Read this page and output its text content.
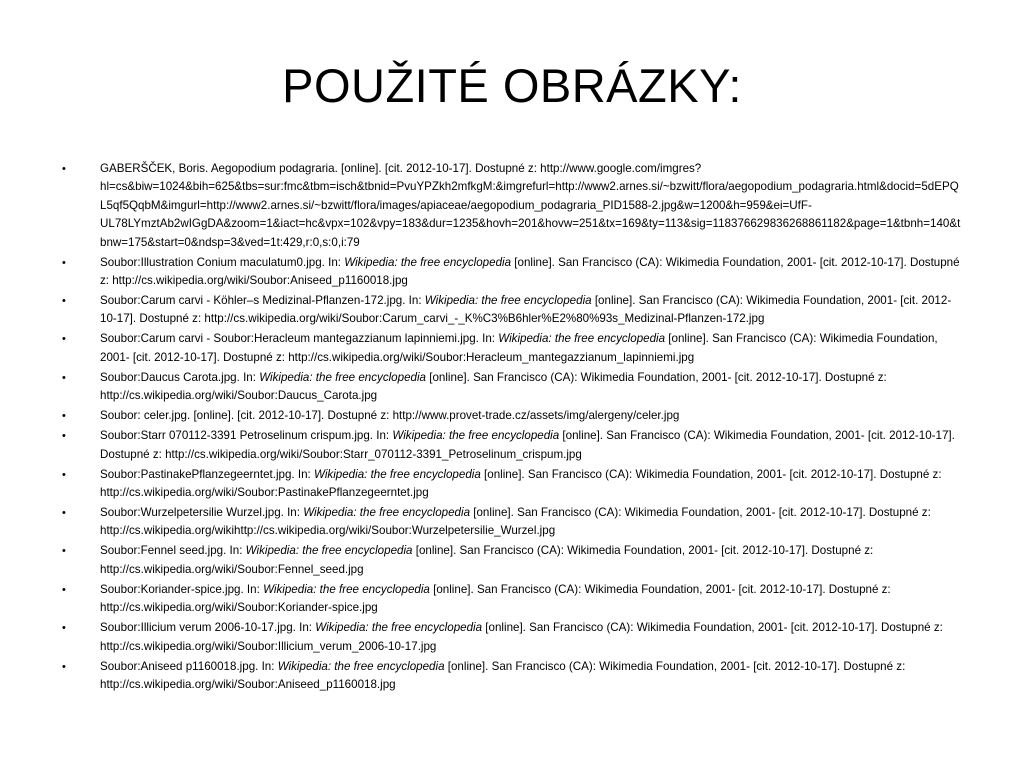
POUŽITÉ OBRÁZKY:
•	GABERŠČEK, Boris. Aegopodium podagraria. [online]. [cit. 2012-10-17]. Dostupné z: http://www.google.com/imgres?hl=cs&biw=1024&bih=625&tbs=sur:fmc&tbm=isch&tbnid=PvuYPZkh2mfkgM:&imgrefurl=http://www2.arnes.si/~bzwitt/flora/aegopodium_podagraria.html&docid=5dEPQL5qf5QqbM&imgurl=http://www2.arnes.si/~bzwitt/flora/images/apiaceae/aegopodium_podagraria_PID1588-2.jpg&w=1200&h=959&ei=UfF-UL78LYmztAb2wIGgDA&zoom=1&iact=hc&vpx=102&vpy=183&dur=1235&hovh=201&hovw=251&tx=169&ty=113&sig=118376629836268861182&page=1&tbnh=140&tbnw=175&start=0&ndsp=3&ved=1t:429,r:0,s:0,i:79
•	Soubor:Illustration Conium maculatum0.jpg. In: Wikipedia: the free encyclopedia [online]. San Francisco (CA): Wikimedia Foundation, 2001- [cit. 2012-10-17]. Dostupné z: http://cs.wikipedia.org/wiki/Soubor:Aniseed_p1160018.jpg
•	Soubor:Carum carvi - Köhler–s Medizinal-Pflanzen-172.jpg. In: Wikipedia: the free encyclopedia [online]. San Francisco (CA): Wikimedia Foundation, 2001- [cit. 2012-10-17]. Dostupné z: http://cs.wikipedia.org/wiki/Soubor:Carum_carvi_-_K%C3%B6hler%E2%80%93s_Medizinal-Pflanzen-172.jpg
•	Soubor:Carum carvi - Soubor:Heracleum mantegazzianum lapinniemi.jpg. In: Wikipedia: the free encyclopedia [online]. San Francisco (CA): Wikimedia Foundation, 2001- [cit. 2012-10-17]. Dostupné z: http://cs.wikipedia.org/wiki/Soubor:Heracleum_mantegazzianum_lapinniemi.jpg
•	Soubor:Daucus Carota.jpg. In: Wikipedia: the free encyclopedia [online]. San Francisco (CA): Wikimedia Foundation, 2001- [cit. 2012-10-17]. Dostupné z: http://cs.wikipedia.org/wiki/Soubor:Daucus_Carota.jpg
•	Soubor: celer.jpg. [online]. [cit. 2012-10-17]. Dostupné z: http://www.provet-trade.cz/assets/img/alergeny/celer.jpg
•	Soubor:Starr 070112-3391 Petroselinum crispum.jpg. In: Wikipedia: the free encyclopedia [online]. San Francisco (CA): Wikimedia Foundation, 2001- [cit. 2012-10-17]. Dostupné z: http://cs.wikipedia.org/wiki/Soubor:Starr_070112-3391_Petroselinum_crispum.jpg
•	Soubor:PastinakePflanzegeerntet.jpg. In: Wikipedia: the free encyclopedia [online]. San Francisco (CA): Wikimedia Foundation, 2001- [cit. 2012-10-17]. Dostupné z: http://cs.wikipedia.org/wiki/Soubor:PastinakePflanzegeerntet.jpg
•	Soubor:Wurzelpetersilie Wurzel.jpg. In: Wikipedia: the free encyclopedia [online]. San Francisco (CA): Wikimedia Foundation, 2001- [cit. 2012-10-17]. Dostupné z: http://cs.wikipedia.org/wikihttp://cs.wikipedia.org/wiki/Soubor:Wurzelpetersilie_Wurzel.jpg
•	Soubor:Fennel seed.jpg. In: Wikipedia: the free encyclopedia [online]. San Francisco (CA): Wikimedia Foundation, 2001- [cit. 2012-10-17]. Dostupné z: http://cs.wikipedia.org/wiki/Soubor:Fennel_seed.jpg
•	Soubor:Koriander-spice.jpg. In: Wikipedia: the free encyclopedia [online]. San Francisco (CA): Wikimedia Foundation, 2001- [cit. 2012-10-17]. Dostupné z: http://cs.wikipedia.org/wiki/Soubor:Koriander-spice.jpg
•	Soubor:Illicium verum 2006-10-17.jpg. In: Wikipedia: the free encyclopedia [online]. San Francisco (CA): Wikimedia Foundation, 2001- [cit. 2012-10-17]. Dostupné z: http://cs.wikipedia.org/wiki/Soubor:Illicium_verum_2006-10-17.jpg
•	Soubor:Aniseed p1160018.jpg. In: Wikipedia: the free encyclopedia [online]. San Francisco (CA): Wikimedia Foundation, 2001- [cit. 2012-10-17]. Dostupné z: http://cs.wikipedia.org/wiki/Soubor:Aniseed_p1160018.jpg
